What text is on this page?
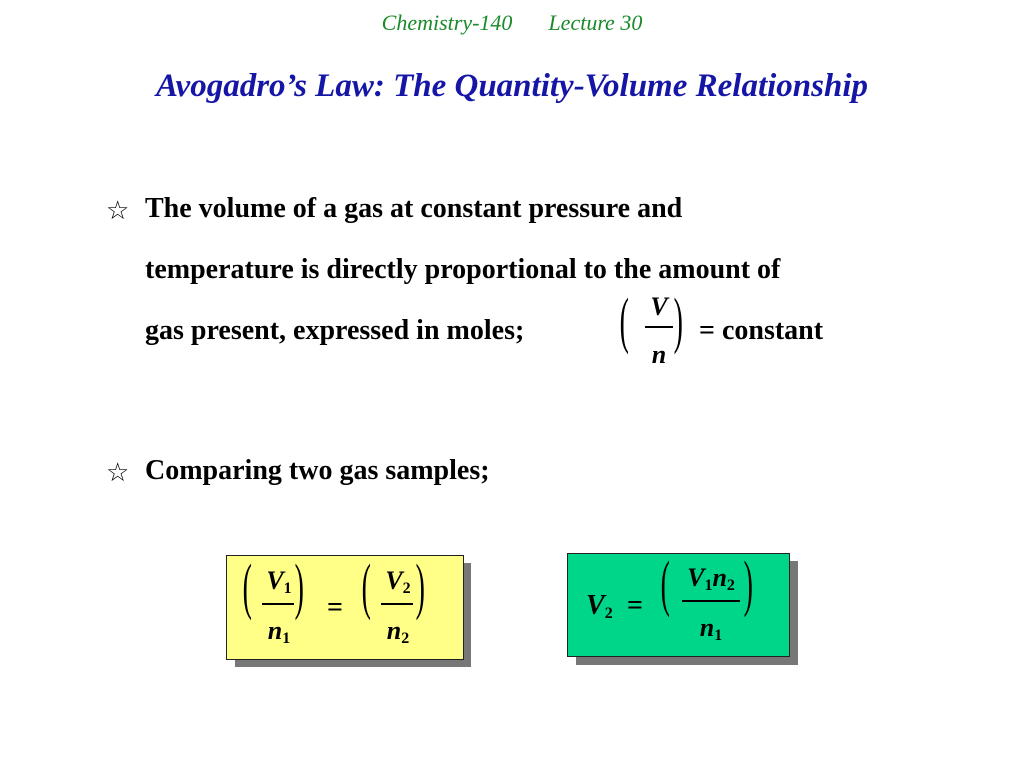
Chemistry-140 Lecture 30
Avogadro’s Law: The Quantity-Volume Relationship
☆ The volume of a gas at constant pressure and
temperature is directly proportional to the amount of
gas present, expressed in moles; ( V
n ) = constant
☆ Comparing two gas samples;
( $V_1$
$n_1$
) = ( $V_2$
$n_2$
)	$V_2$ = ( $V_1n_2$
$n_1$
)
